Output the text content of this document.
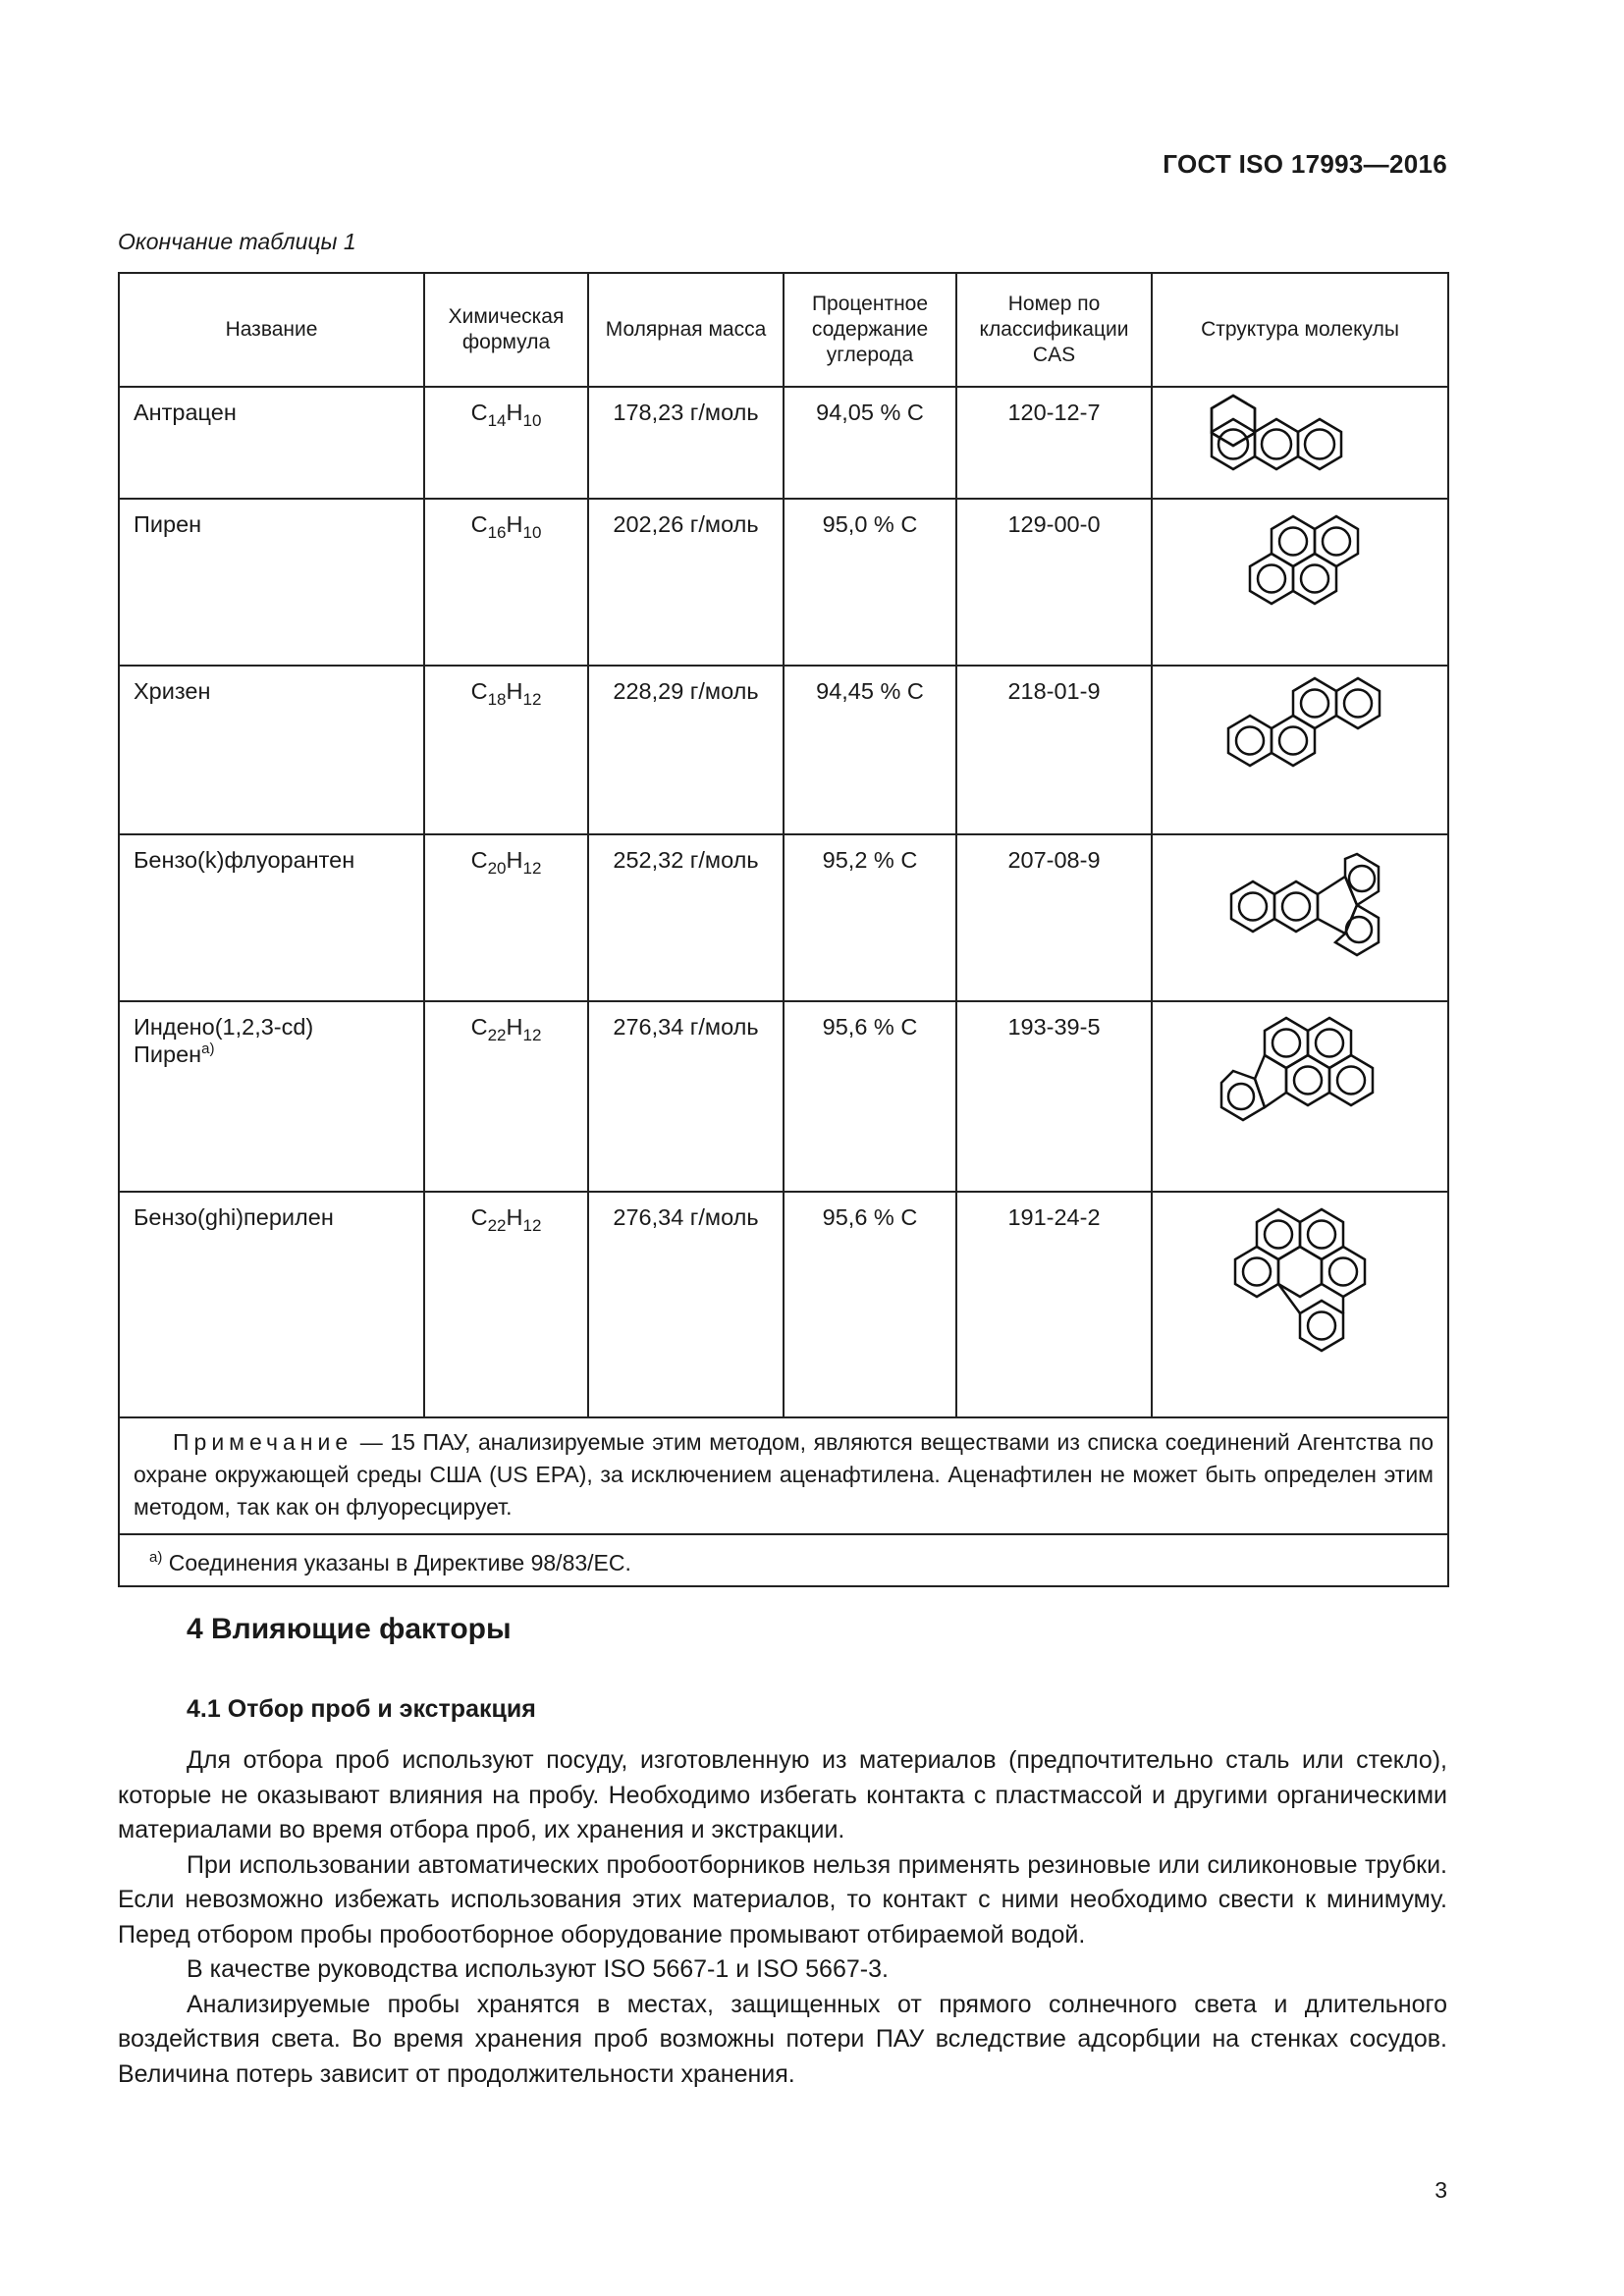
ГОСТ ISO 17993—2016
Окончание таблицы 1
Название	Химическая формула	Молярная масса	Процентное содержание углерода	Номер по классификации CAS	Структура молекулы
Антрацен	$C_{14}H_{10}$	178,23 г/моль	94,05 % C	120-12-7	

Пирен	$C_{16}H_{10}$	202,26 г/моль	95,0 % C	129-00-0	

Хризен	$C_{18}H_{12}$	228,29 г/моль	94,45 % C	218-01-9	

Бензо(k)флуорантен	$C_{20}H_{12}$	252,32 г/моль	95,2 % C	207-08-9	

Индено(1,2,3-cd)
Пирен$^{a)}$	$C_{22}H_{12}$	276,34 г/моль	95,6 % C	193-39-5	

Бензо(ghi)перилен	$C_{22}H_{12}$	276,34 г/моль	95,6 % C	191-24-2	

Примечание — 15 ПАУ, анализируемые этим методом, являются веществами из списка соединений Агентства по охране окружающей среды США (US EPA), за исключением аценафтилена. Аценафтилен не может быть определен этим методом, так как он флуоресцирует.					
$^{a)}$ Соединения указаны в Директиве 98/83/ЕС.					
4 Влияющие факторы
4.1 Отбор проб и экстракция

Для отбора проб используют посуду, изготовленную из материалов (предпочтительно сталь или стекло), которые не оказывают влияния на пробу. Необходимо избегать контакта с пластмассой и другими органическими материалами во время отбора проб, их хранения и экстракции.

При использовании автоматических пробоотборников нельзя применять резиновые или силиконовые трубки. Если невозможно избежать использования этих материалов, то контакт с ними необходимо свести к минимуму. Перед отбором пробы пробоотборное оборудование промывают отбираемой водой.

В качестве руководства используют ISO 5667-1 и ISO 5667-3.

Анализируемые пробы хранятся в местах, защищенных от прямого солнечного света и длительного воздействия света. Во время хранения проб возможны потери ПАУ вследствие адсорбции на стенках сосудов. Величина потерь зависит от продолжительности хранения.

3
